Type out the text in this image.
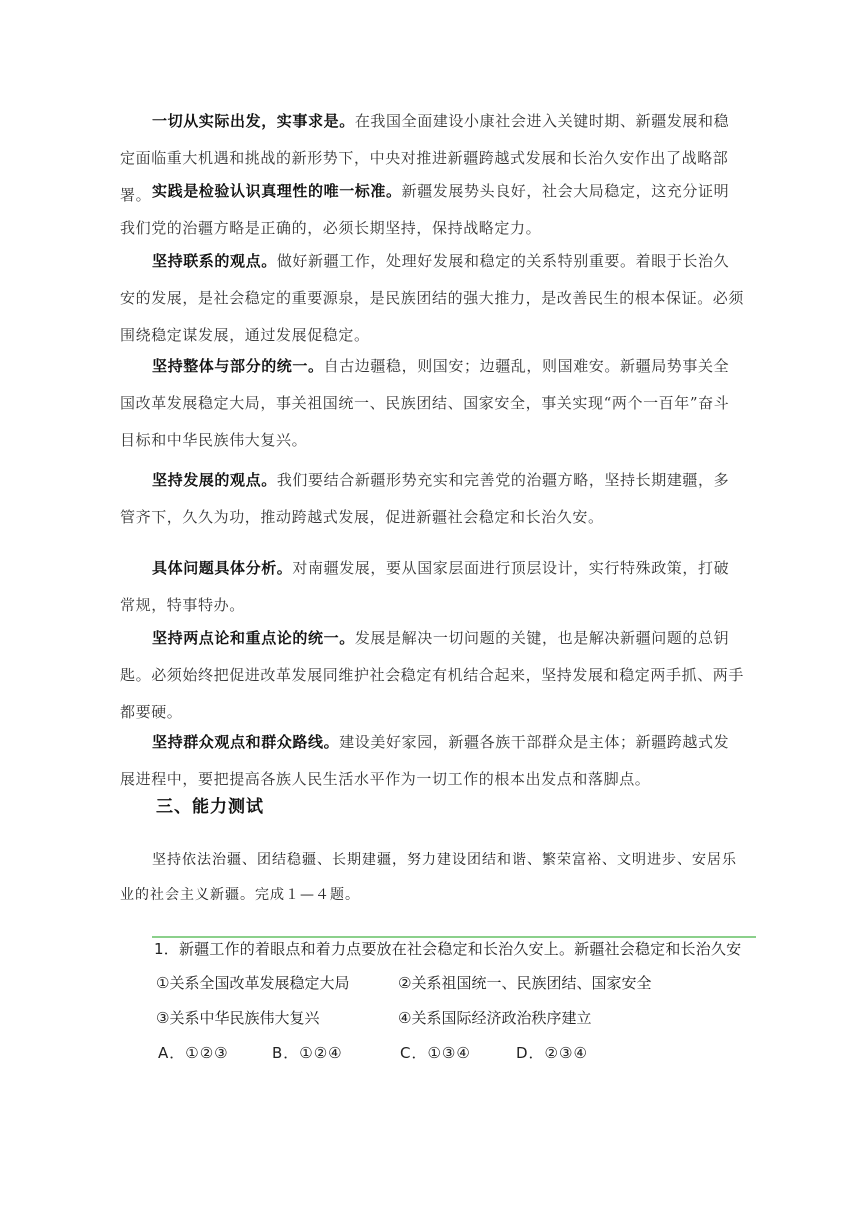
一切从实际出发，实事求是。在我国全面建设小康社会进入关键时期、新疆发展和稳定面临重大机遇和挑战的新形势下，中央对推进新疆跨越式发展和长治久安作出了战略部署。 实践是检验认识真理性的唯一标准。新疆发展势头良好，社会大局稳定，这充分证明我们党的治疆方略是正确的，必须长期坚持，保持战略定力。
坚持联系的观点。做好新疆工作，处理好发展和稳定的关系特别重要。着眼于长治久安的发展，是社会稳定的重要源泉，是民族团结的强大推力，是改善民生的根本保证。必须围绕稳定谋发展，通过发展促稳定。
坚持整体与部分的统一。自古边疆稳，则国安；边疆乱，则国难安。新疆局势事关全国改革发展稳定大局，事关祖国统一、民族团结、国家安全，事关实现“两个一百年”奋斗目标和中华民族伟大复兴。
坚持发展的观点。我们要结合新疆形势充实和完善党的治疆方略，坚持长期建疆，多管齐下，久久为功，推动跨越式发展，促进新疆社会稳定和长治久安。
具体问题具体分析。对南疆发展，要从国家层面进行顶层设计，实行特殊政策，打破常规，特事特办。
坚持两点论和重点论的统一。发展是解决一切问题的关键，也是解决新疆问题的总钥匙。必须始终把促进改革发展同维护社会稳定有机结合起来，坚持发展和稳定两手抓、两手都要硬。
坚持群众观点和群众路线。建设美好家园，新疆各族干部群众是主体；新疆跨越式发展进程中，要把提高各族人民生活水平作为一切工作的根本出发点和落脚点。
三、能力测试
坚持依法治疆、团结稳疆、长期建疆，努力建设团结和谐、繁荣富裕、文明进步、安居乐业的社会主义新疆。完成１—４题。
1．新疆工作的着眼点和着力点要放在社会稳定和长治久安上。新疆社会稳定和长治久安
①关系全国改革发展稳定大局	②关系祖国统一、民族团结、国家安全
③关系中华民族伟大复兴	④关系国际经济政治秩序建立
A．①②③	B．①②④	C．①③④	D．②③④
